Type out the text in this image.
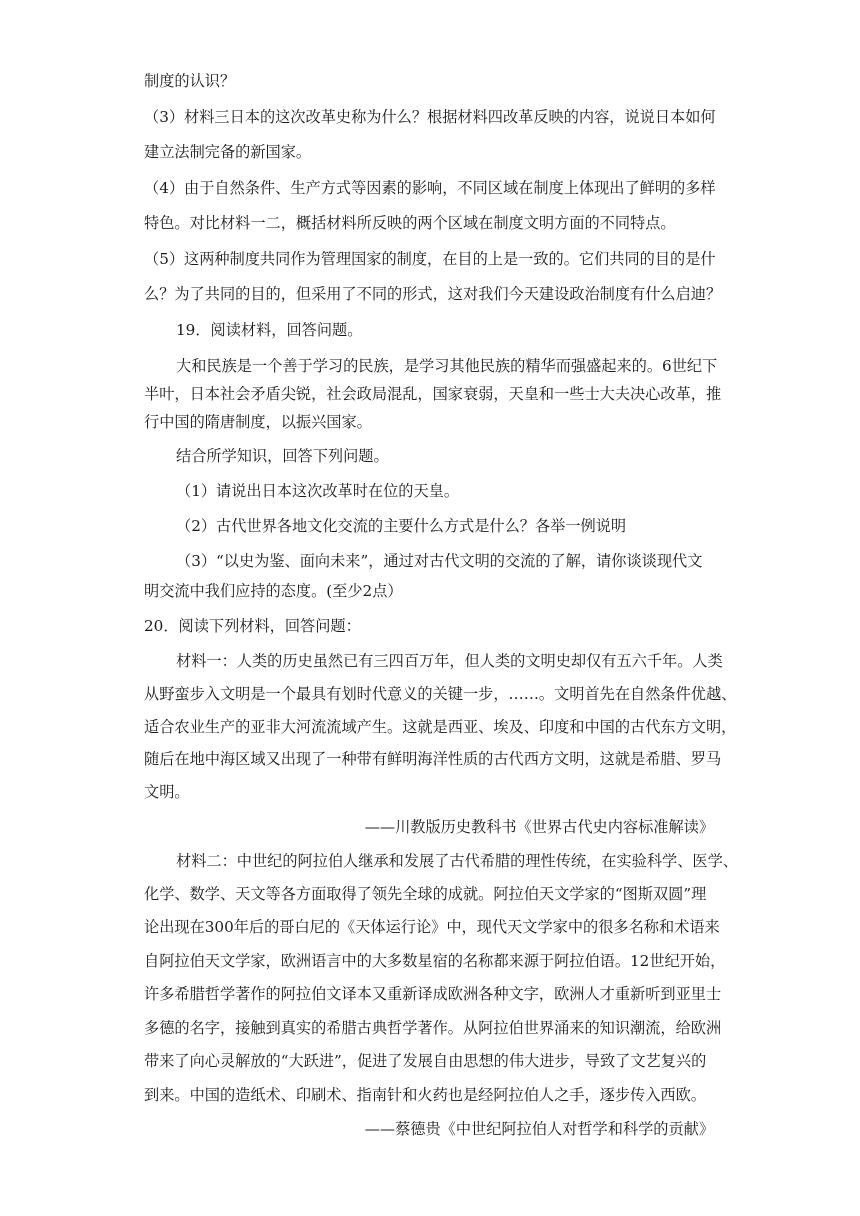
制度的认识？
（3）材料三日本的这次改革史称为什么？根据材料四改革反映的内容，说说日本如何
建立法制完备的新国家。
（4）由于自然条件、生产方式等因素的影响，不同区域在制度上体现出了鲜明的多样
特色。对比材料一二，概括材料所反映的两个区域在制度文明方面的不同特点。
（5）这两种制度共同作为管理国家的制度，在目的上是一致的。它们共同的目的是什
么？为了共同的目的，但采用了不同的形式，这对我们今天建设政治制度有什么启迪？
19．阅读材料，回答问题。
大和民族是一个善于学习的民族，是学习其他民族的精华而强盛起来的。6世纪下
半叶，日本社会矛盾尖锐，社会政局混乱，国家衰弱，天皇和一些士大夫决心改革，推
行中国的隋唐制度，以振兴国家。
结合所学知识，回答下列问题。
（1）请说出日本这次改革时在位的天皇。
（2）古代世界各地文化交流的主要什么方式是什么？各举一例说明
（3）“以史为鉴、面向未来”，通过对古代文明的交流的了解，请你谈谈现代文
明交流中我们应持的态度。(至少2点）
20．阅读下列材料，回答问题：
材料一：人类的历史虽然已有三四百万年，但人类的文明史却仅有五六千年。人类
从野蛮步入文明是一个最具有划时代意义的关键一步，……。文明首先在自然条件优越、
适合农业生产的亚非大河流流域产生。这就是西亚、埃及、印度和中国的古代东方文明，
随后在地中海区域又出现了一种带有鲜明海洋性质的古代西方文明，这就是希腊、罗马
文明。
——川教版历史教科书《世界古代史内容标准解读》
材料二：中世纪的阿拉伯人继承和发展了古代希腊的理性传统，在实验科学、医学、
化学、数学、天文等各方面取得了领先全球的成就。阿拉伯天文学家的“图斯双圆”理
论出现在300年后的哥白尼的《天体运行论》中，现代天文学家中的很多名称和术语来
自阿拉伯天文学家，欧洲语言中的大多数星宿的名称都来源于阿拉伯语。12世纪开始，
许多希腊哲学著作的阿拉伯文译本又重新译成欧洲各种文字，欧洲人才重新听到亚里士
多德的名字，接触到真实的希腊古典哲学著作。从阿拉伯世界涌来的知识潮流，给欧洲
带来了向心灵解放的“大跃进”，促进了发展自由思想的伟大进步，导致了文艺复兴的
到来。中国的造纸术、印刷术、指南针和火药也是经阿拉伯人之手，逐步传入西欧。
——蔡德贵《中世纪阿拉伯人对哲学和科学的贡献》
